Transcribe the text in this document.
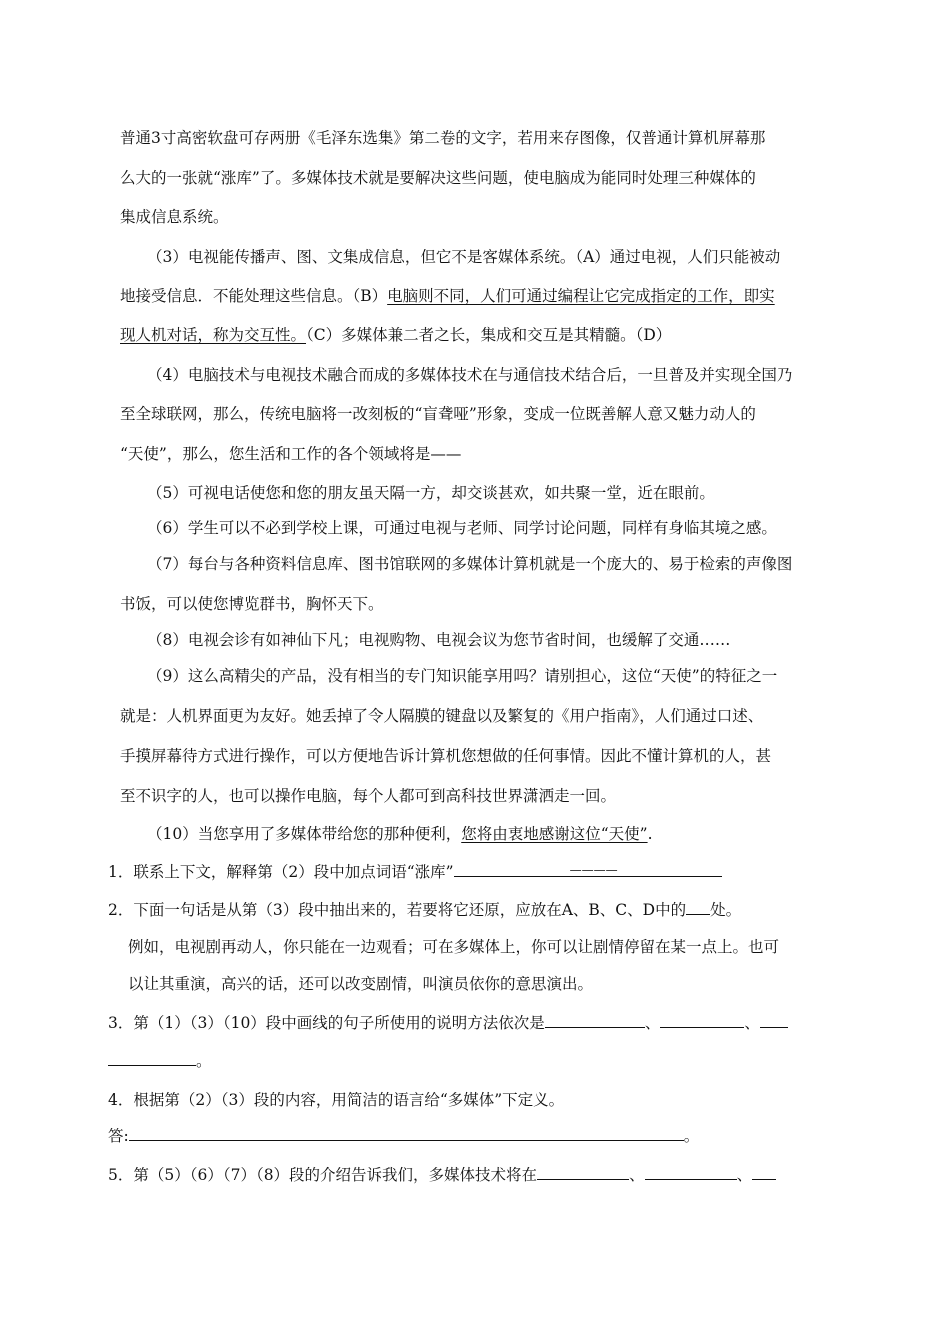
普通3寸高密软盘可存两册《毛泽东选集》第二卷的文字，若用来存图像，仅普通计算机屏幕那
么大的一张就“涨库”了。多媒体技术就是要解决这些问题，使电脑成为能同时处理三种媒体的
集成信息系统。
（3）电视能传播声、图、文集成信息，但它不是客媒体系统。（A）通过电视，人们只能被动
地接受信息．不能处理这些信息。（B）电脑则不同，人们可通过编程让它完成指定的工作，即实
现人机对话，称为交互性。（C）多媒体兼二者之长，集成和交互是其精髓。（D）
（4）电脑技术与电视技术融合而成的多媒体技术在与通信技术结合后，一旦普及并实现全国乃
至全球联网，那么，传统电脑将一改刻板的“盲聋哑”形象，变成一位既善解人意又魅力动人的
“天使”，那么，您生活和工作的各个领域将是——
（5）可视电话使您和您的朋友虽天隔一方，却交谈甚欢，如共聚一堂，近在眼前。
（6）学生可以不必到学校上课，可通过电视与老师、同学讨论问题，同样有身临其境之感。
（7）每台与各种资料信息库、图书馆联网的多媒体计算机就是一个庞大的、易于检索的声像图
书饭，可以使您博览群书，胸怀天下。
（8）电视会诊有如神仙下凡；电视购物、电视会议为您节省时间，也缓解了交通……
（9）这么高精尖的产品，没有相当的专门知识能享用吗？请别担心，这位“天使”的特征之一
就是：人机界面更为友好。她丢掉了令人隔膜的键盘以及繁复的《用户指南》，人们通过口述、
手摸屏幕待方式进行操作，可以方便地告诉计算机您想做的任何事情。因此不懂计算机的人，甚
至不识字的人，也可以操作电脑，每个人都可到高科技世界潇洒走一回。
（10）当您享用了多媒体带给您的那种便利，您将由衷地感谢这位“天使”.
1．联系上下文，解释第（2）段中加点词语“涨库”	————
2．下面一句话是从第（3）段中抽出来的，若要将它还原，应放在A、B、C、D中的 处。
例如，电视剧再动人，你只能在一边观看；可在多媒体上，你可以让剧情停留在某一点上。也可
以让其重演，高兴的话，还可以改变剧情，叫演员依你的意思演出。
3．第（1）（3）（10）段中画线的句子所使用的说明方法依次是	、	、
。
4．根据第（2）（3）段的内容，用简洁的语言给“多媒体”下定义。
答:	。
5．第（5）（6）（7）（8）段的介绍告诉我们，多媒体技术将在	、	、
